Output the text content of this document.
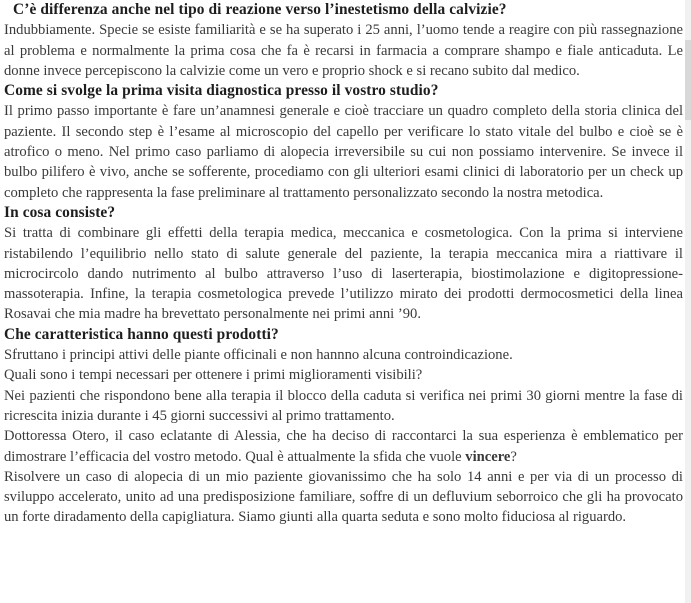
C’è differenza anche nel tipo di reazione verso l’inestetismo della calvizie?

Indubbiamente. Specie se esiste familiarità e se ha superato i 25 anni, l’uomo tende a reagire con più rassegnazione al problema e normalmente la prima cosa che fa è recarsi in farmacia a comprare shampo e fiale anticaduta. Le donne invece percepiscono la calvizie come un vero e proprio shock e si recano subito dal medico.

Come si svolge la prima visita diagnostica presso il vostro studio?

Il primo passo importante è fare un’anamnesi generale e cioè tracciare un quadro completo della storia clinica del paziente. Il secondo step è l’esame al microscopio del capello per verificare lo stato vitale del bulbo e cioè se è atrofico o meno. Nel primo caso parliamo di alopecia irreversibile su cui non possiamo intervenire. Se invece il bulbo pilifero è vivo, anche se sofferente, procediamo con gli ulteriori esami clinici di laboratorio per un check up completo che rappresenta la fase preliminare al trattamento personalizzato secondo la nostra metodica.

In cosa consiste?

Si tratta di combinare gli effetti della terapia medica, meccanica e cosmetologica. Con la prima si interviene ristabilendo l’equilibrio nello stato di salute generale del paziente, la terapia meccanica mira a riattivare il microcircolo dando nutrimento al bulbo attraverso l’uso di laserterapia, biostimolazione e digitopressione-massoterapia. Infine, la terapia cosmetologica prevede l’utilizzo mirato dei prodotti dermocosmetici della linea Rosavai che mia madre ha brevettato personalmente nei primi anni ’90.

Che caratteristica hanno questi prodotti?

Sfruttano i principi attivi delle piante officinali e non hannno alcuna controindicazione.

Quali sono i tempi necessari per ottenere i primi miglioramenti visibili?

Nei pazienti che rispondono bene alla terapia il blocco della caduta si verifica nei primi 30 giorni mentre la fase di ricrescita inizia durante i 45 giorni successivi al primo trattamento.

Dottoressa Otero, il caso eclatante di Alessia, che ha deciso di raccontarci la sua esperienza è emblematico per dimostrare l’efficacia del vostro metodo. Qual è attualmente la sfida che vuole vincere?

Risolvere un caso di alopecia di un mio paziente giovanissimo che ha solo 14 anni e per via di un processo di sviluppo accelerato, unito ad una predisposizione familiare, soffre di un defluvium seborroico che gli ha provocato un forte diradamento della capigliatura. Siamo giunti alla quarta seduta e sono molto fiduciosa al riguardo.
